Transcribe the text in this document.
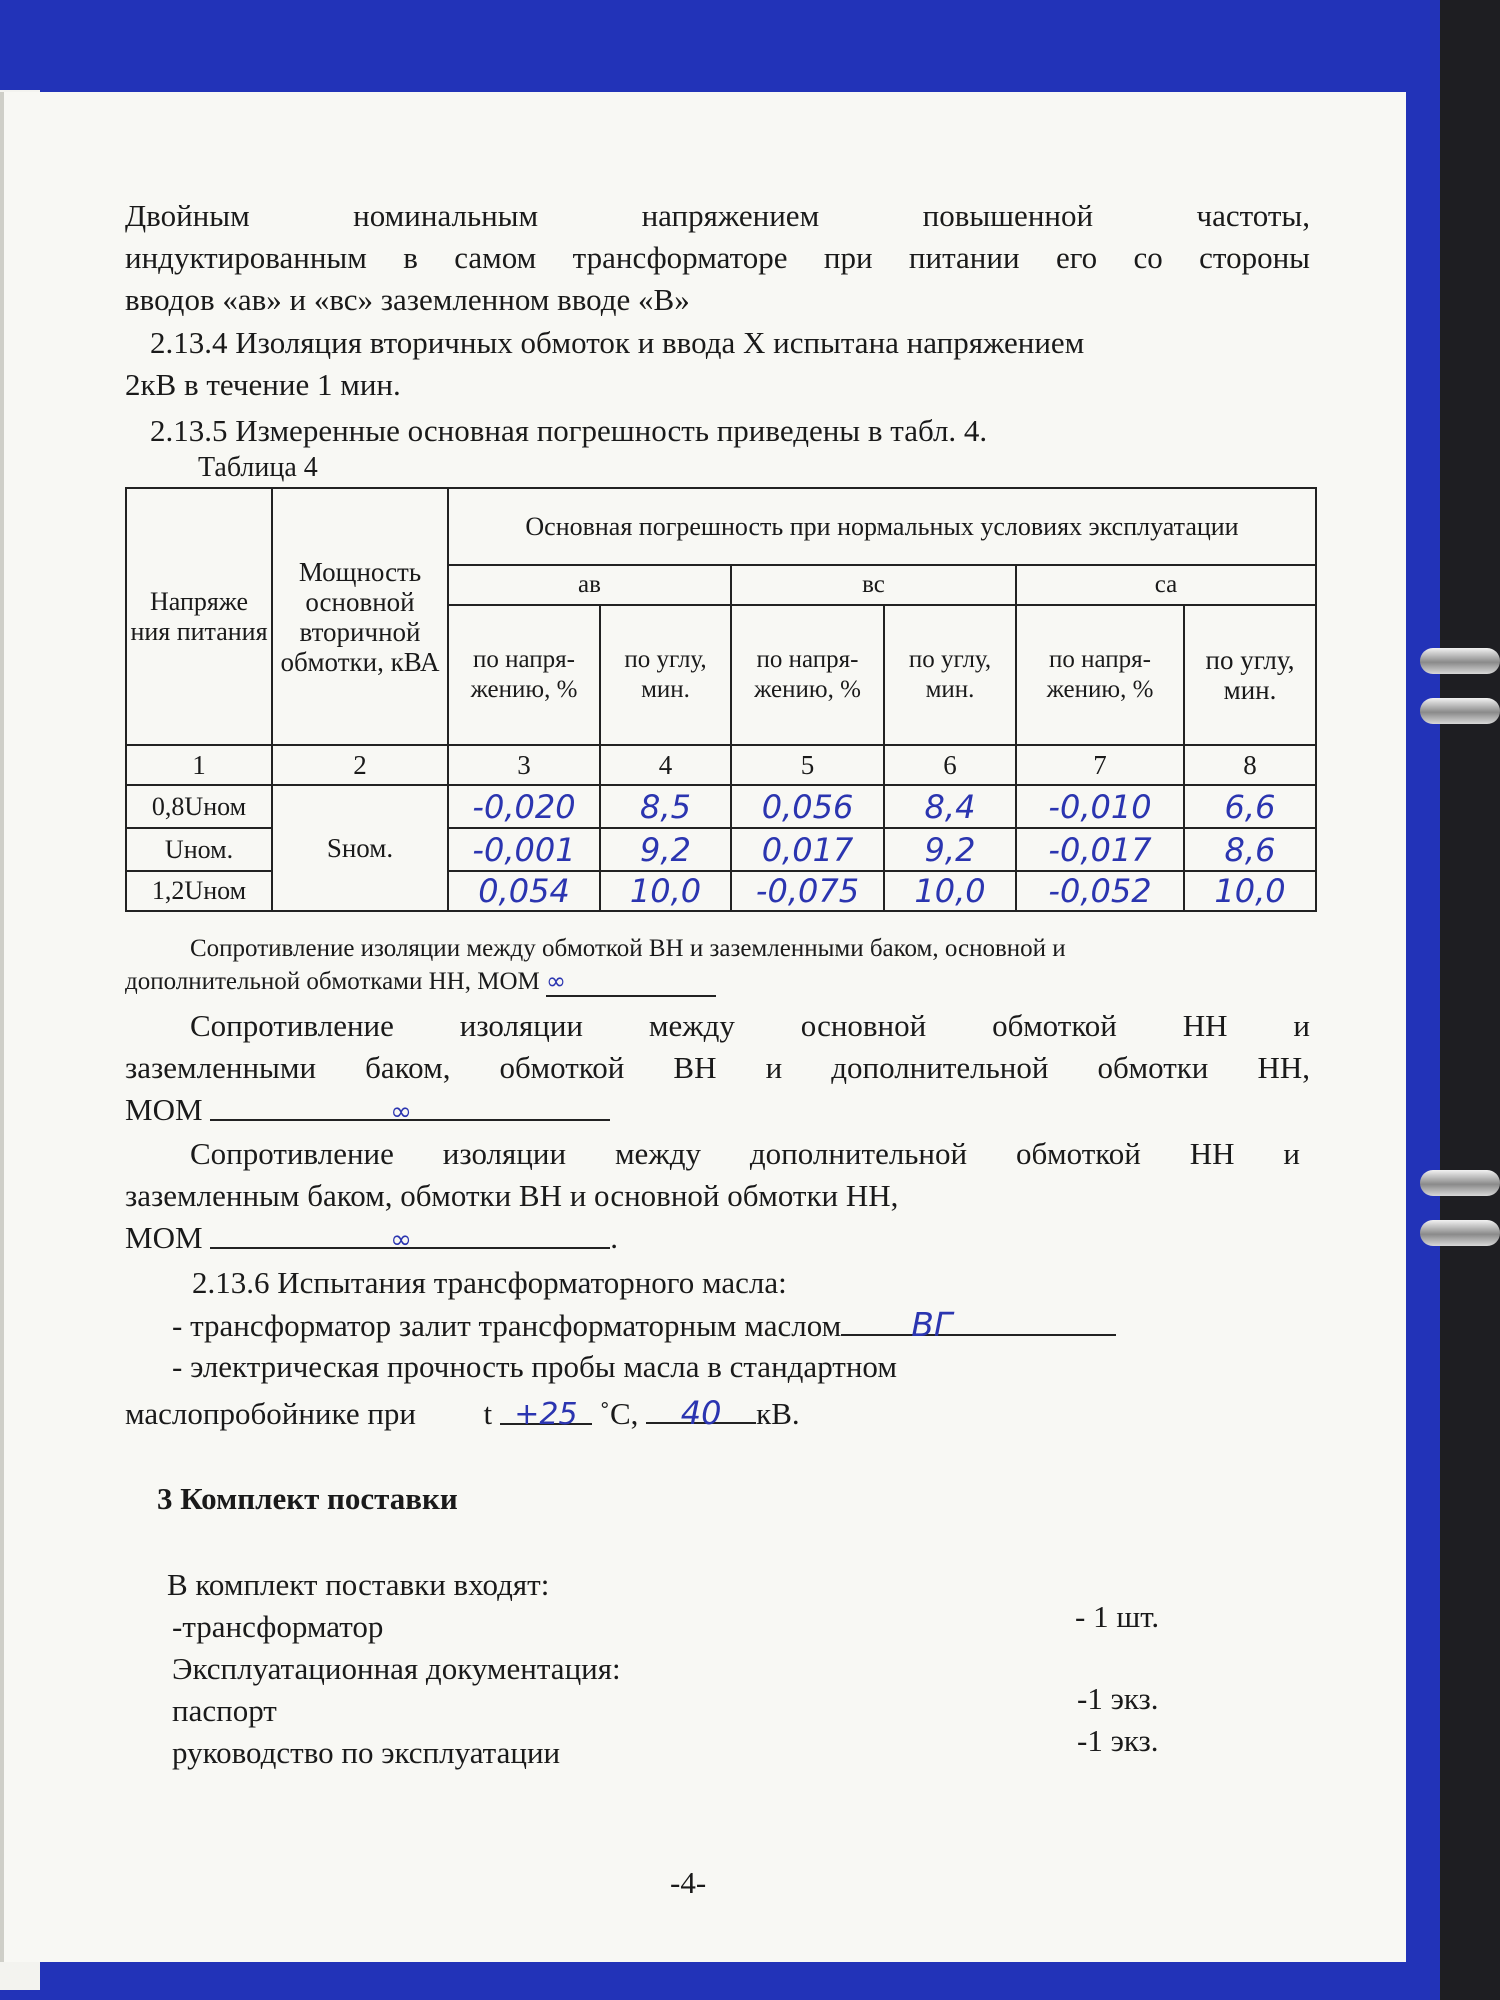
Двойным номинальным напряжением повышенной частоты,
индуктированным в самом трансформаторе при питании его со стороны
вводов «ав» и «вс» заземленном вводе «В»
2.13.4 Изоляция вторичных обмоток и ввода Х испытана напряжением
2кВ в течение 1 мин.
2.13.5 Измеренные основная погрешность приведены в табл. 4.
Таблица 4
Напряже ния питания	Мощность основной вторичной обмотки, кВА	Основная погрешность при нормальных условиях эксплуатации					
		ав		вс		са	
		по напря-жению, %	по углу, мин.	по напря-жению, %	по углу, мин.	по напря-жению, %	по углу, мин.
1	2	3	4	5	6	7	8
0,8Uном	Sном.	-0,020	8,5	0,056	8,4	-0,010	6,6
Uном.		-0,001	9,2	0,017	9,2	-0,017	8,6
1,2Uном		0,054	10,0	-0,075	10,0	-0,052	10,0
Сопротивление изоляции между обмоткой ВН и заземленными баком, основной и
дополнительной обмотками НН, МОМ ∞
Сопротивление изоляции между основной обмоткой НН и
заземленными баком, обмоткой ВН и дополнительной обмотки НН,
МОМ	∞
Сопротивление изоляции между дополнительной обмоткой НН и
заземленным баком, обмотки ВН и основной обмотки НН,
МОМ	∞	.
2.13.6 Испытания трансформаторного масла:
- трансформатор залит трансформаторным маслом ВГ
- электрическая прочность пробы масла в стандартном
маслопробойнике при t +25 ˚С, 40 кВ.
3 Комплект поставки
В комплект поставки входят:
-трансформатор	- 1 шт.
Эксплуатационная документация:
паспорт	-1 экз.
руководство по эксплуатации	-1 экз.
-4-
